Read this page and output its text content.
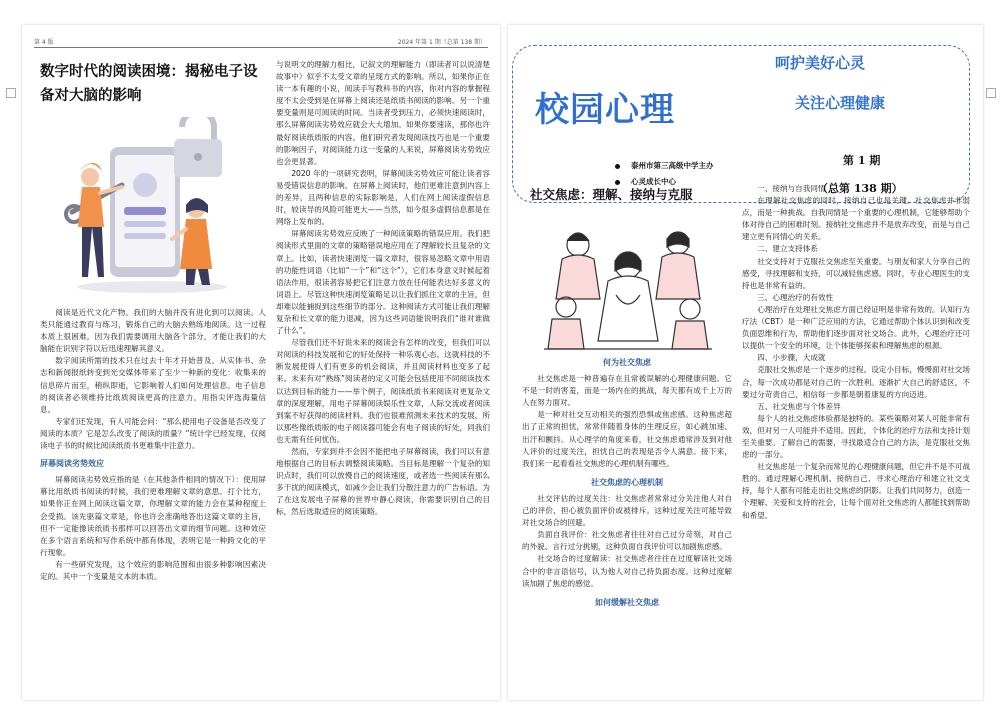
第 4 版	2024 年第 1 期（总第 138 期）
数字时代的阅读困境：揭秘电子设备对大脑的影响

阅读是近代文化产物。我们的大脑并没有进化到可以阅读。人类只能通过教育与练习，锻炼自己的大脑去熟练地阅读。这一过程本质上很困难，因为我们需要调用大脑各个部分，才能让我们的大脑能在识别字符以后迅速理解其意义。

数字阅读所需的技术只在过去十年才开始普及。从实体书、杂志和新闻报纸转变到光交媒体带来了至少一种新的变化：收集来的信息碎片而至，稍纵即逝，它影响着人们如何处理信息。电子信息的阅读者必须维持比纸质阅读更高的注意力，用指尖评选海量信息。

专家们还发现，有人可能会问：“那么使用电子设备是否改变了阅读的本质？它是怎么改变了阅读的质量？”统计学已经发现，仅阅读电子书的时候比阅读纸质书更难集中注意力。

屏幕阅读劣势效应

屏幕阅读劣势效应指的是（在其他条件相同的情况下）：使用屏幕比用纸质书阅读的时候，我们更难理解文章的意思。打个比方，如果你正在网上阅读这篇文章，你理解文章的能力会在某种程度上会受损。该先驱篇文章是，你也许会准确地答出这篇文章的主旨，但不一定能像读纸质书那样可以回答出文章的细节问题。这种效应在多个语言系统和写作系统中都有体现，表明它是一种跨文化的平行现象。

有一些研究发现，这个效应的影响范围和由很多种影响因素决定的。其中一个变量是文本的本质。

与说明文的理解力相比，记叙文的理解能力（即读者可以说清楚故事中）似乎不太受文章的呈现方式的影响。所以，如果你正在读一本有趣的小说，阅读手写教科书的内容，你对内容的掌握程度不太会受到是在屏幕上阅读还是纸质书阅读的影响。另一个重要变量则是可阅读的时间。当读者受到压力，必须快速阅读时，那么屏幕阅读劣势效应就会大大增加。如果你要速读，那你也许最好阅读纸质版的内容。他们研究者发现阅读技巧也是一个重要的影响因子，对阅读能力这一变量的人来说，屏幕阅读劣势效应也会更显著。

2020 年的一项研究表明，屏幕阅读劣势效应可能让读者容易受错误信息的影响。在屏幕上阅读时，他们更难注意到内容上的差异，且两种信息的实际影响是，人们在网上阅读虚假信息时，较读导的风险可能更大——当然，如今很多虚假信息都是在网络上发布的。

屏幕阅读劣势效应反映了一种阅读策略的错误应用。我们把阅读形式里面的文章的策略错误地应用在了理解较长且复杂的文章上。比如，读者快速浏览一篇文章时，很容易忽略文章中用语的功能性词语（比如“一个”和“这个”），它们本身意义时候起着语法作用，很读者容易把它们注意力放在任何能表达好多意义的词语上。尽管这种快速浏览策略足以让我们抓住文章的主旨，但却难以能捕捉到这些细节的部分。这种阅读方式可能让我们理解复杂和长文章的能力退减，因为这些词语能说明我们“谁对谁做了什么”。

尽管我们还不好说未来的阅读会有怎样的改变，但我们可以对阅读的科技发展和它的好处保持一种乐观心态。这就科技的不断发展使得人们有更多的机会阅读，并且阅读材料也变多了起来。未来有对“熟练”阅读者的定义可能会包括使用不同阅读技术以达到目标的能力——举个例子，阅读纸质书来阅读对更复杂文章的深度理解，用电子屏幕阅读娱乐性文章，人际交流或者阅读到案不好获得的阅读材料。我们也很难预测未来技术的发展，所以那些像纸质版的电子阅读器可能会有电子阅读的好处，同我们也无需有任何忧伤。

然而，专家到并不会因不能把电子屏幕阅读，我们可以有意地根据自己的目标去调整阅读策略。当目标是理解一个复杂的知识点时，我们可以放慢自己的阅读速度，或者选一些阅读有那么多干扰的阅读模式，如减少会让我们分散注意力的广告标语。为了在这发展电子屏幕的世界中静心阅读，你需要识别自己的目标，然后选取适应的阅读策略。

校园心理
呵护美好心灵
关注心理健康
泰州市第三高级中学主办
心灵成长中心
第 1 期
（总第 138 期）
社交焦虑：理解、接纳与克服
何为社交焦虑

社交焦虑是一种普遍存在且常被误解的心理健康问题。它不是一时的害羞，而是一场内在的挑战，每天都有成千上万的人在努力面对。

是一种对社交互动相关的强烈恐惧或焦虑感。这种焦虑超出了正常的担忧，常常伴随着身体的生理反应，如心跳加速、出汗和颤抖。从心理学的角度来看，社交焦虑通常涉及到对他人评价的过度关注，担忧自己的表现是否令人满意。接下来，我们来一起看看社交焦虑的心理机制有哪些。

社交焦虑的心理机制

社交评估的过度关注：社交焦虑者常常过分关注他人对自己的评价，担心被负面评价或被排斥。这种过度关注可能导致对社交场合的回避。

负面自我评价：社交焦虑者往往对自己过分苛刻，对自己的外貌、言行过分挑剔，这种负面自我评价可以加剧焦虑感。

社交场合的过度解读：社交焦虑者往往在过度解读社交场合中的非言语信号，认为他人对自己持负面态度。这种过度解读加剧了焦虑的感觉。

如何缓解社交焦虑

一、接纳与自我同情

在理解社交焦虑的同时，接纳自己也是关键。社交焦虑并非弱点，而是一种挑战。自我同情是一个重要的心理机制，它能够帮助个体对待自己的困难时刻。接纳社交焦虑并不是放弃改变，而是与自己建立更有同情心的关系。

二、建立支持体系

社交支持对于克服社交焦虑至关重要。与朋友和家人分享自己的感受，寻找理解和支持，可以减轻焦虑感。同时，专业心理医生的支持也是非常有益的。

三、心理治疗的有效性

心理治疗在处理社交焦虑方面已经证明是非常有效的。认知行为疗法（CBT）是一种广泛应用的方法，它通过帮助个体认识到和改变负面思维和行为，帮助他们逐步面对社交场合。此外，心理治疗还可以提供一个安全的环境，让个体能够探索和理解焦虑的根源。

四、小步骤，大成就

克服社交焦虑是一个逐步的过程。设定小目标，慢慢面对社交场合，每一次成功都是对自己的一次胜利。逐渐扩大自己的舒适区，不要过分苛责自己，相信每一步都是朝着康复的方向迈进。

五、社交焦虑与个体差异

每个人的社交焦虑体验都是独特的。某些策略对某人可能非常有效，但对另一人可能并不适用。因此，个体化的治疗方法和支持计划至关重要。了解自己的需要，寻找最适合自己的方法，是克服社交焦虑的一部分。

社交焦虑是一个复杂而常见的心理健康问题，但它并不是不可战胜的。通过理解心理机制、接纳自己、寻求心理治疗和建立社交支持，每个人都有可能走出社交焦虑的阴影。让我们共同努力，创造一个理解、关爱和支持的社会，让每个面对社交焦虑的人都能找到帮助和希望。
